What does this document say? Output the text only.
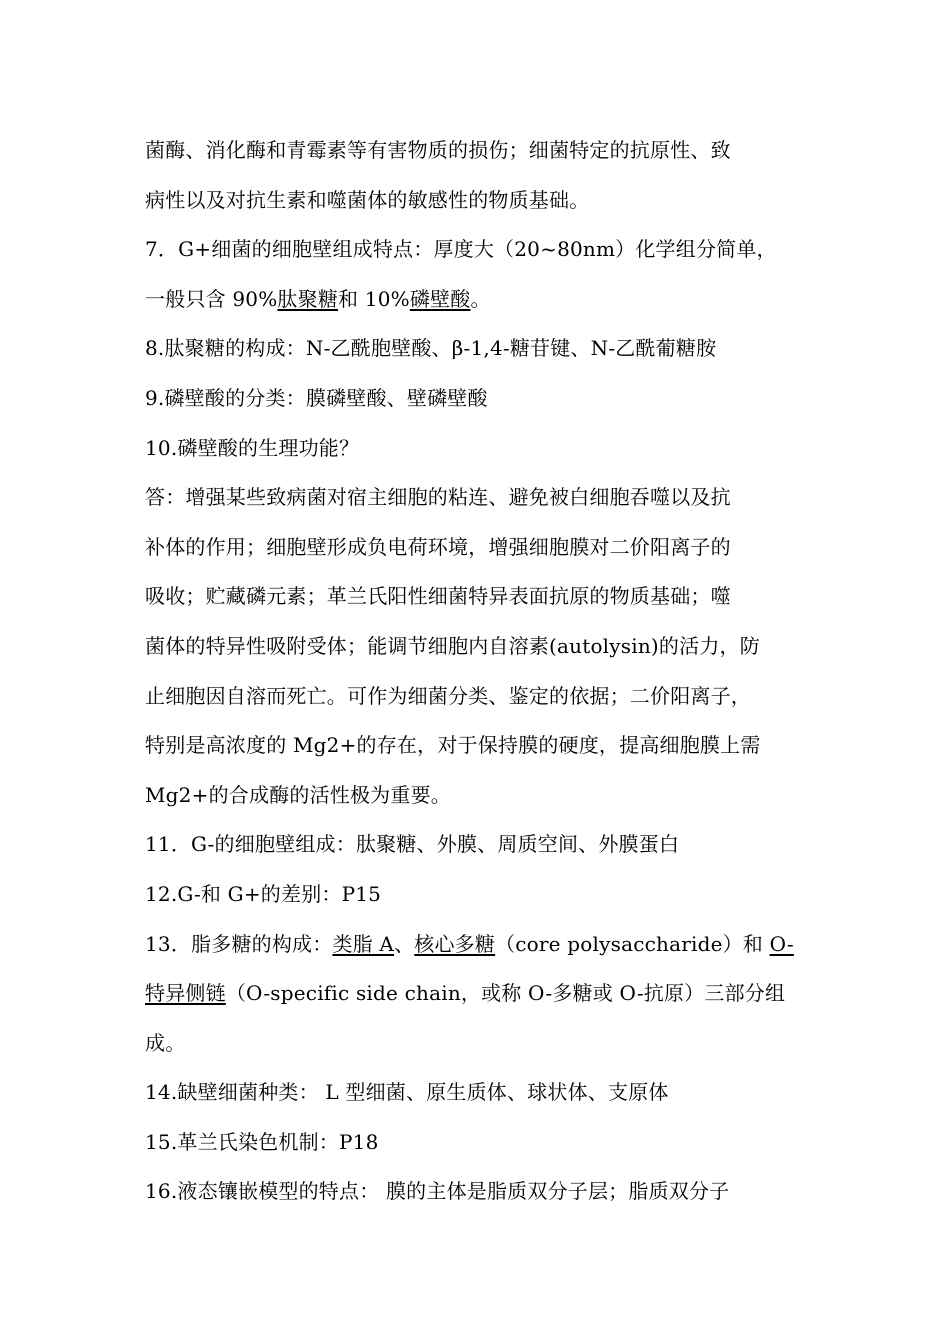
菌酶、消化酶和青霉素等有害物质的损伤；细菌特定的抗原性、致
病性以及对抗生素和噬菌体的敏感性的物质基础。
7．G+细菌的细胞壁组成特点：厚度大（20~80nm）化学组分简单，
一般只含 90%肽聚糖和 10%磷壁酸。
8.肽聚糖的构成：N-乙酰胞壁酸、β-1,4-糖苷键、N-乙酰葡糖胺
9.磷壁酸的分类：膜磷壁酸、壁磷壁酸
10.磷壁酸的生理功能？
答：增强某些致病菌对宿主细胞的粘连、避免被白细胞吞噬以及抗
补体的作用；细胞壁形成负电荷环境，增强细胞膜对二价阳离子的
吸收；贮藏磷元素；革兰氏阳性细菌特异表面抗原的物质基础；噬
菌体的特异性吸附受体；能调节细胞内自溶素(autolysin)的活力，防
止细胞因自溶而死亡。可作为细菌分类、鉴定的依据；二价阳离子，
特别是高浓度的 Mg2+的存在，对于保持膜的硬度，提高细胞膜上需
Mg2+的合成酶的活性极为重要。
11．G-的细胞壁组成：肽聚糖、外膜、周质空间、外膜蛋白
12.G-和 G+的差别：P15
13．脂多糖的构成：类脂 A、核心多糖（core polysaccharide）和 O-
特异侧链（O-specific side chain，或称 O-多糖或 O-抗原）三部分组
成。
14.缺壁细菌种类： L 型细菌、原生质体、球状体、支原体
15.革兰氏染色机制：P18
16.液态镶嵌模型的特点： 膜的主体是脂质双分子层；脂质双分子
